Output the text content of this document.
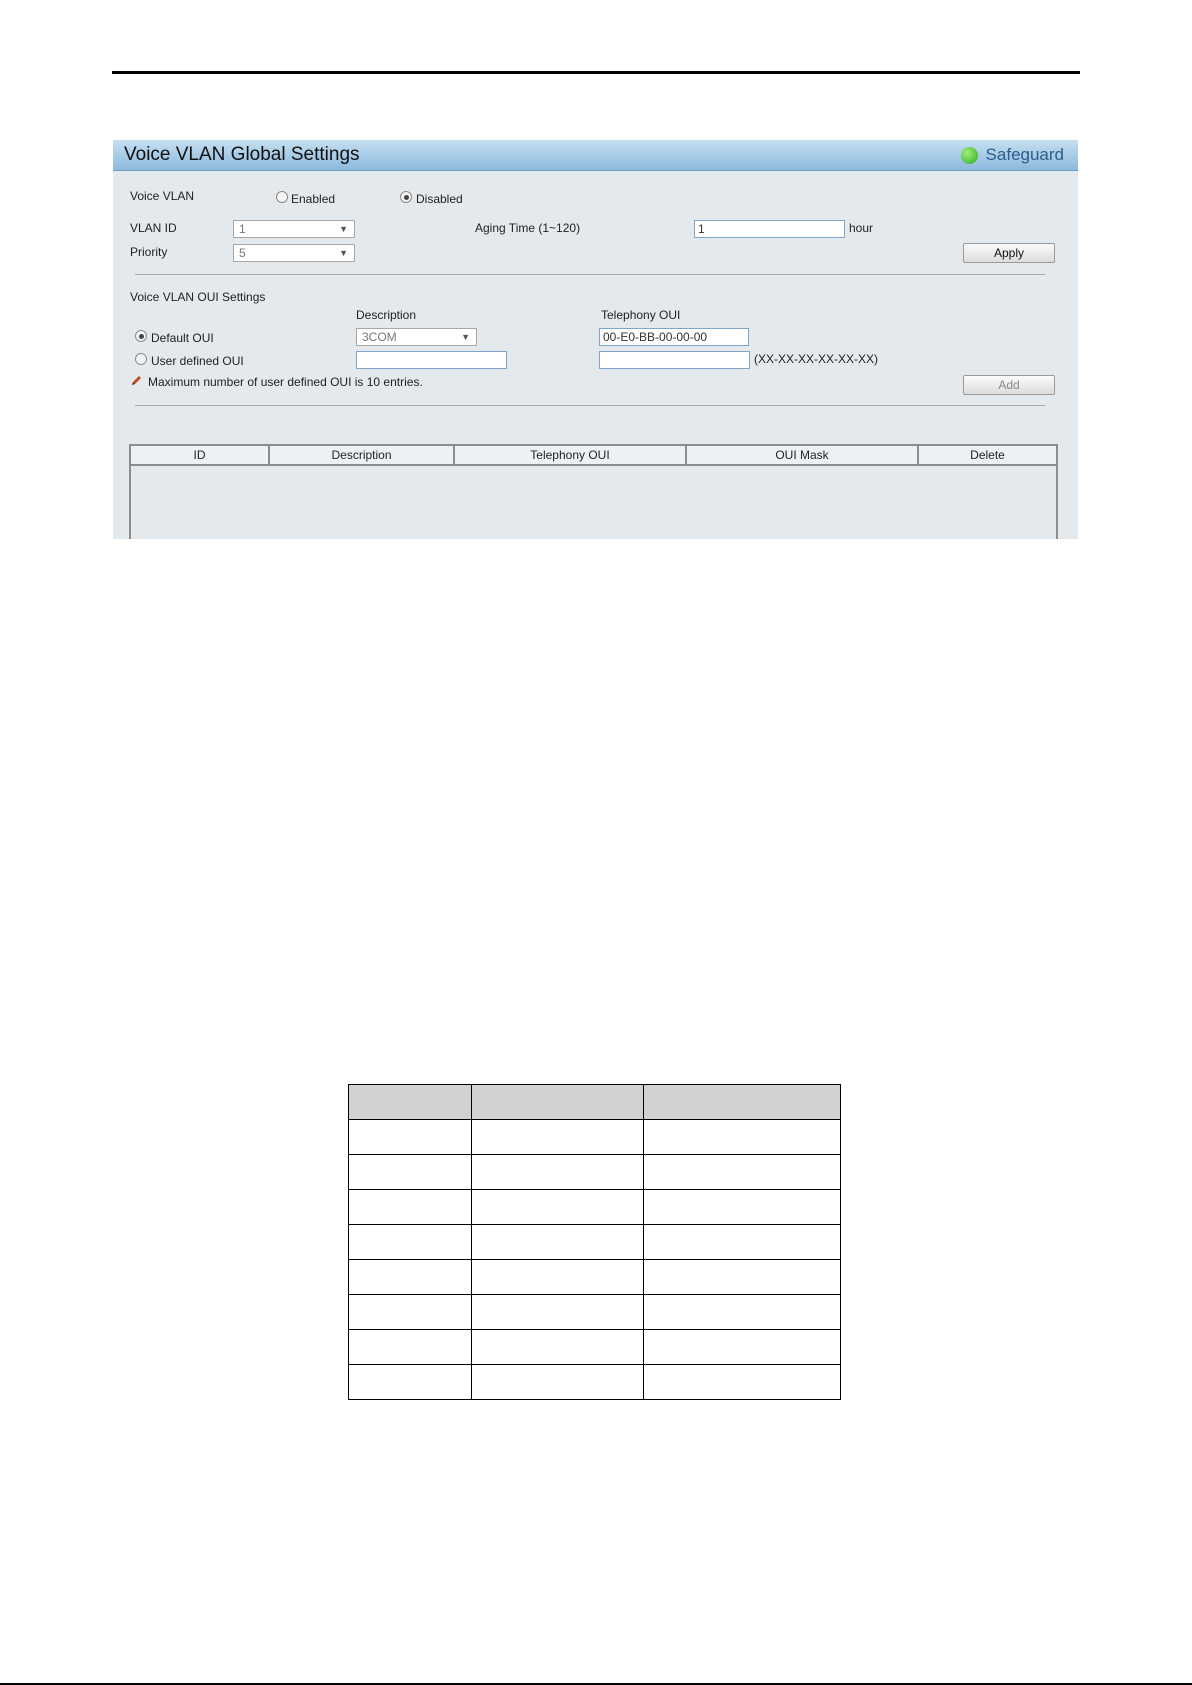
Voice VLAN Global Settings	Safeguard
Voice VLAN	Enabled	Disabled
VLAN ID	1	▼	Aging Time (1~120)	1	hour
Priority	5	▼	Apply
Voice VLAN OUI Settings
Description	Telephony OUI
Default OUI	3COM	▼	00-E0-BB-00-00-00
User defined OUI	(XX-XX-XX-XX-XX-XX)
Maximum number of user defined OUI is 10 entries.	Add
ID	Description	Telephony OUI	OUI Mask	Delete
